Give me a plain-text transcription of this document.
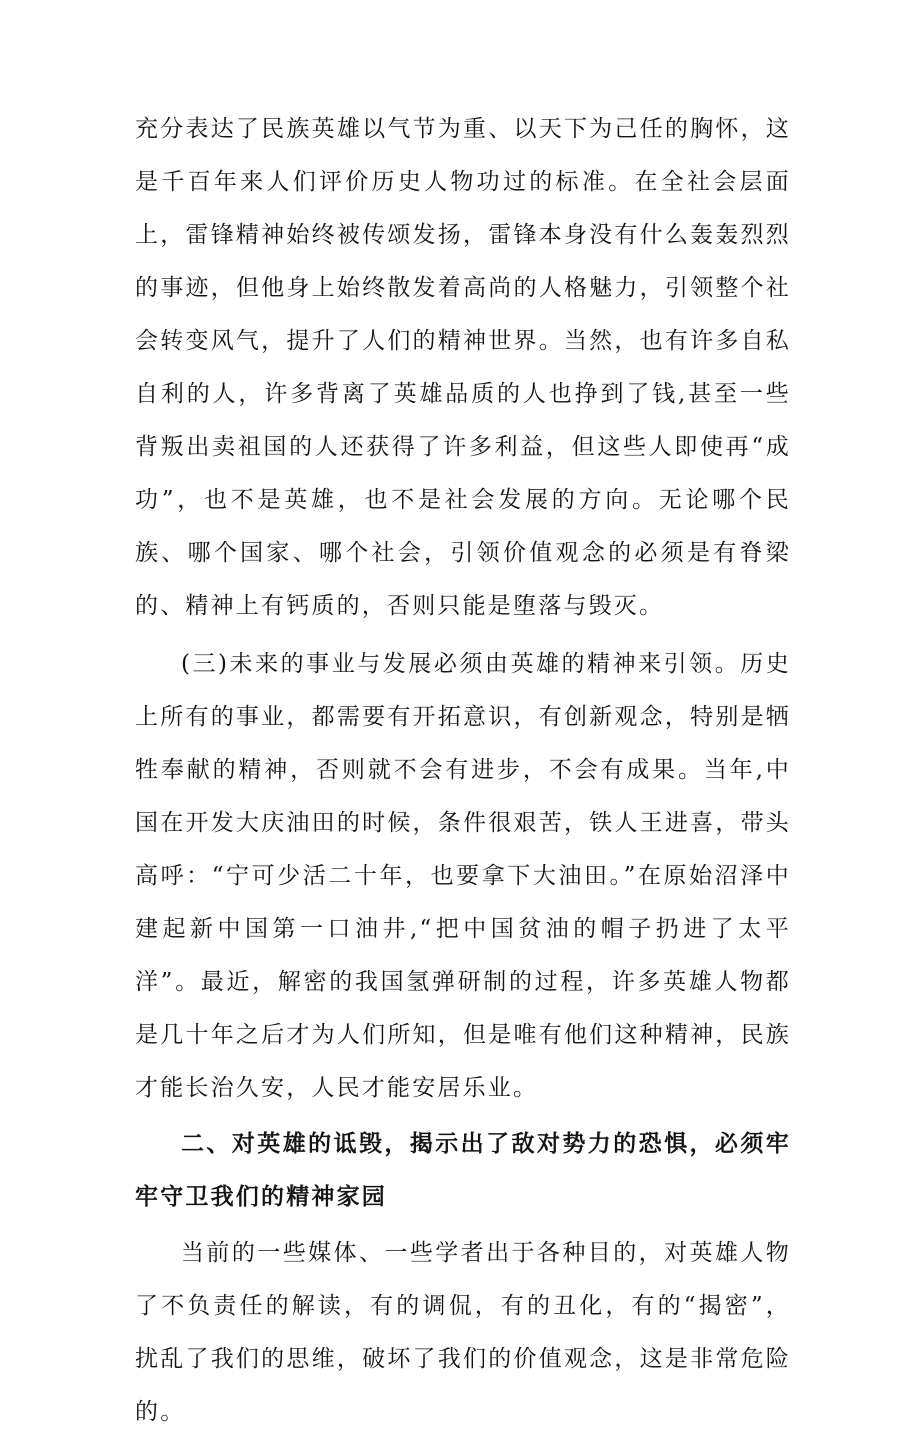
充分表达了民族英雄以气节为重、以天下为己任的胸怀，这是千百年来人们评价历史人物功过的标准。在全社会层面上，雷锋精神始终被传颂发扬，雷锋本身没有什么轰轰烈烈的事迹，但他身上始终散发着高尚的人格魅力，引领整个社会转变风气，提升了人们的精神世界。当然，也有许多自私自利的人，许多背离了英雄品质的人也挣到了钱,甚至一些背叛出卖祖国的人还获得了许多利益，但这些人即使再“成功”，也不是英雄，也不是社会发展的方向。无论哪个民族、哪个国家、哪个社会，引领价值观念的必须是有脊梁的、精神上有钙质的，否则只能是堕落与毁灭。

(三)未来的事业与发展必须由英雄的精神来引领。历史上所有的事业，都需要有开拓意识，有创新观念，特别是牺牲奉献的精神，否则就不会有进步，不会有成果。当年,中国在开发大庆油田的时候，条件很艰苦，铁人王进喜，带头高呼：“宁可少活二十年，也要拿下大油田。”在原始沼泽中建起新中国第一口油井,“把中国贫油的帽子扔进了太平洋”。最近，解密的我国氢弹研制的过程，许多英雄人物都是几十年之后才为人们所知，但是唯有他们这种精神，民族才能长治久安，人民才能安居乐业。

二、对英雄的诋毁，揭示出了敌对势力的恐惧，必须牢牢守卫我们的精神家园

当前的一些媒体、一些学者出于各种目的，对英雄人物了不负责任的解读，有的调侃，有的丑化，有的“揭密”，扰乱了我们的思维，破坏了我们的价值观念，这是非常危险的。
